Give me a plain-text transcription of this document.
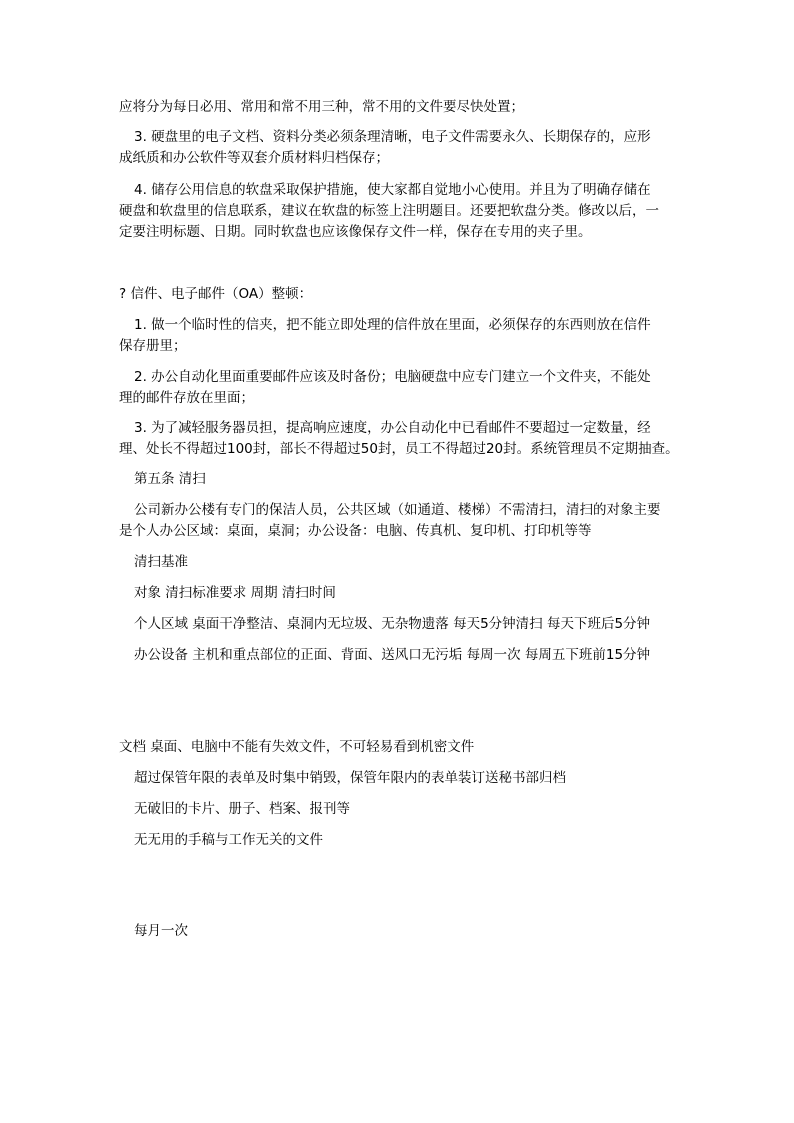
应将分为每日必用、常用和常不用三种，常不用的文件要尽快处置；
3. 硬盘里的电子文档、资料分类必须条理清晰，电子文件需要永久、长期保存的，应形
成纸质和办公软件等双套介质材料归档保存；
4. 储存公用信息的软盘采取保护措施，使大家都自觉地小心使用。并且为了明确存储在
硬盘和软盘里的信息联系，建议在软盘的标签上注明题目。还要把软盘分类。修改以后，一
定要注明标题、日期。同时软盘也应该像保存文件一样，保存在专用的夹子里。
? 信件、电子邮件（OA）整顿：
1. 做一个临时性的信夹，把不能立即处理的信件放在里面，必须保存的东西则放在信件
保存册里；
2. 办公自动化里面重要邮件应该及时备份；电脑硬盘中应专门建立一个文件夹，不能处
理的邮件存放在里面；
3. 为了减轻服务器员担，提高响应速度，办公自动化中已看邮件不要超过一定数量，经
理、处长不得超过100封，部长不得超过50封，员工不得超过20封。系统管理员不定期抽查。
第五条 清扫
公司新办公楼有专门的保洁人员，公共区域（如通道、楼梯）不需清扫，清扫的对象主要
是个人办公区域：桌面，桌洞；办公设备：电脑、传真机、复印机、打印机等等
清扫基准
对象 清扫标准要求 周期 清扫时间
个人区域 桌面干净整洁、桌洞内无垃圾、无杂物遗落 每天5分钟清扫 每天下班后5分钟
办公设备 主机和重点部位的正面、背面、送风口无污垢 每周一次 每周五下班前15分钟
文档 桌面、电脑中不能有失效文件，不可轻易看到机密文件
超过保管年限的表单及时集中销毁，保管年限内的表单装订送秘书部归档
无破旧的卡片、册子、档案、报刊等
无无用的手稿与工作无关的文件
每月一次
